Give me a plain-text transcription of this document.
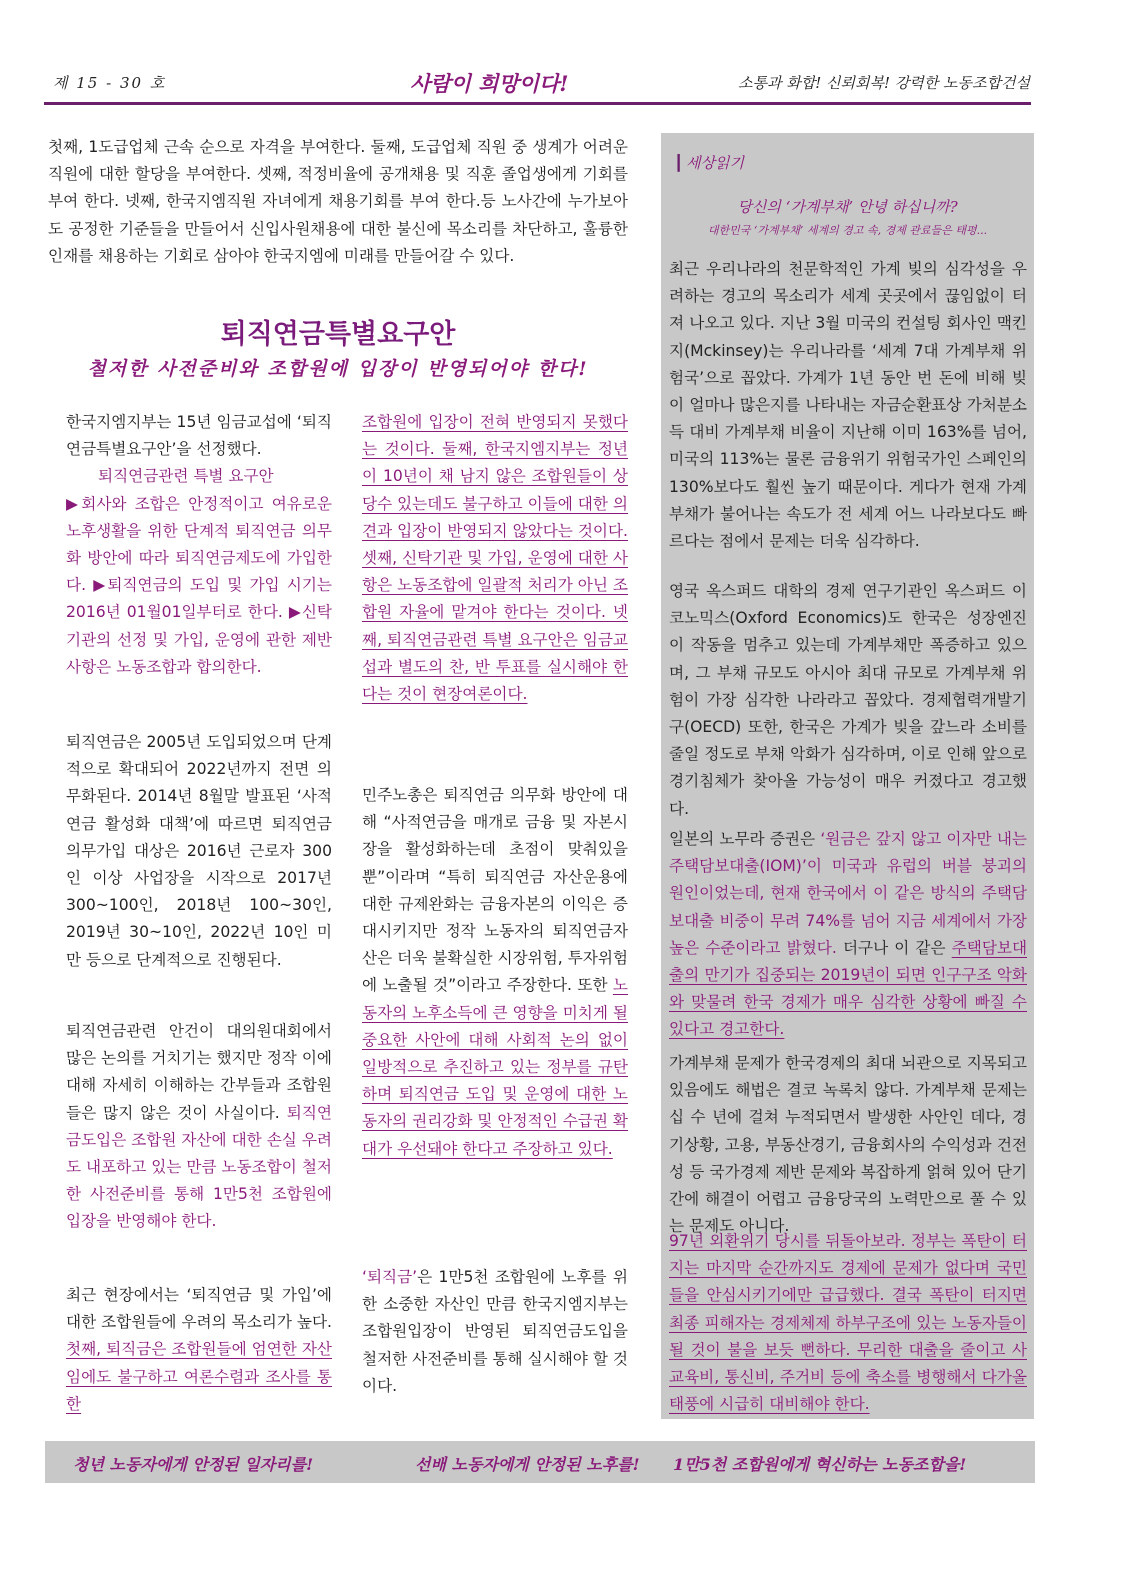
제 15 - 30 호	사람이 희망이다!	소통과 화합! 신뢰회복! 강력한 노동조합건설

첫째, 1도급업체 근속 순으로 자격을 부여한다. 둘째, 도급업체 직원 중 생계가 어려운 직원에 대한 할당을 부여한다. 셋째, 적정비율에 공개채용 및 직훈 졸업생에게 기회를 부여 한다. 넷째, 한국지엠직원 자녀에게 채용기회를 부여 한다.등 노사간에 누가보아도 공정한 기준들을 만들어서 신입사원채용에 대한 불신에 목소리를 차단하고, 훌륭한 인재를 채용하는 기회로 삼아야 한국지엠에 미래를 만들어갈 수 있다.

퇴직연금특별요구안
철저한 사전준비와 조합원에 입장이 반영되어야 한다!

한국지엠지부는 15년 임금교섭에 ‘퇴직연금특별요구안’을 선정했다.
퇴직연금관련 특별 요구안
▶회사와 조합은 안정적이고 여유로운 노후생활을 위한 단계적 퇴직연금 의무화 방안에 따라 퇴직연금제도에 가입한다. ▶퇴직연금의 도입 및 가입 시기는 2016년 01월01일부터로 한다. ▶신탁기관의 선정 및 가입, 운영에 관한 제반사항은 노동조합과 합의한다.

퇴직연금은 2005년 도입되었으며 단계적으로 확대되어 2022년까지 전면 의무화된다. 2014년 8월말 발표된 ‘사적연금 활성화 대책’에 따르면 퇴직연금 의무가입 대상은 2016년 근로자 300인 이상 사업장을 시작으로 2017년 300~100인, 2018년 100~30인, 2019년 30~10인, 2022년 10인 미만 등으로 단계적으로 진행된다.

퇴직연금관련 안건이 대의원대회에서 많은 논의를 거치기는 했지만 정작 이에 대해 자세히 이해하는 간부들과 조합원들은 많지 않은 것이 사실이다. 퇴직연금도입은 조합원 자산에 대한 손실 우려도 내포하고 있는 만큼 노동조합이 철저한 사전준비를 통해 1만5천 조합원에 입장을 반영해야 한다.

최근 현장에서는 ‘퇴직연금 및 가입’에 대한 조합원들에 우려의 목소리가 높다. 첫째, 퇴직금은 조합원들에 엄연한 자산임에도 불구하고 여론수렴과 조사를 통한

조합원에 입장이 전혀 반영되지 못했다는 것이다. 둘째, 한국지엠지부는 정년이 10년이 채 남지 않은 조합원들이 상당수 있는데도 불구하고 이들에 대한 의견과 입장이 반영되지 않았다는 것이다. 셋째, 신탁기관 및 가입, 운영에 대한 사항은 노동조합에 일괄적 처리가 아닌 조합원 자율에 맡겨야 한다는 것이다. 넷째, 퇴직연금관련 특별 요구안은 임금교섭과 별도의 찬, 반 투표를 실시해야 한다는 것이 현장여론이다.

민주노총은 퇴직연금 의무화 방안에 대해 “사적연금을 매개로 금융 및 자본시장을 활성화하는데 초점이 맞춰있을 뿐”이라며 “특히 퇴직연금 자산운용에 대한 규제완화는 금융자본의 이익은 증대시키지만 정작 노동자의 퇴직연금자산은 더욱 불확실한 시장위험, 투자위험에 노출될 것”이라고 주장한다. 또한 노동자의 노후소득에 큰 영향을 미치게 될 중요한 사안에 대해 사회적 논의 없이 일방적으로 추진하고 있는 정부를 규탄하며 퇴직연금 도입 및 운영에 대한 노동자의 권리강화 및 안정적인 수급권 확대가 우선돼야 한다고 주장하고 있다.

‘퇴직금’은 1만5천 조합원에 노후를 위한 소중한 자산인 만큼 한국지엠지부는 조합원입장이 반영된 퇴직연금도입을 철저한 사전준비를 통해 실시해야 할 것이다.

┃ 세상읽기
당신의 ‘가계부채’ 안녕 하십니까?
대한민국 ‘가계부채’ 세계의 경고 속, 경제 관료들은 태평...

최근 우리나라의 천문학적인 가계 빚의 심각성을 우려하는 경고의 목소리가 세계 곳곳에서 끊임없이 터져 나오고 있다. 지난 3월 미국의 컨설팅 회사인 맥킨지(Mckinsey)는 우리나라를 ‘세계 7대 가계부채 위험국’으로 꼽았다. 가계가 1년 동안 번 돈에 비해 빚이 얼마나 많은지를 나타내는 자금순환표상 가처분소득 대비 가계부채 비율이 지난해 이미 163%를 넘어, 미국의 113%는 물론 금융위기 위험국가인 스페인의 130%보다도 훨씬 높기 때문이다. 게다가 현재 가계부채가 불어나는 속도가 전 세계 어느 나라보다도 빠르다는 점에서 문제는 더욱 심각하다.

영국 옥스퍼드 대학의 경제 연구기관인 옥스퍼드 이코노믹스(Oxford Economics)도 한국은 성장엔진이 작동을 멈추고 있는데 가계부채만 폭증하고 있으며, 그 부채 규모도 아시아 최대 규모로 가계부채 위험이 가장 심각한 나라라고 꼽았다. 경제협력개발기구(OECD) 또한, 한국은 가계가 빚을 갚느라 소비를 줄일 정도로 부채 악화가 심각하며, 이로 인해 앞으로 경기침체가 찾아올 가능성이 매우 커졌다고 경고했다.

일본의 노무라 증권은 ‘원금은 갚지 않고 이자만 내는 주택담보대출(IOM)’이 미국과 유럽의 버블 붕괴의 원인이었는데, 현재 한국에서 이 같은 방식의 주택담보대출 비중이 무려 74%를 넘어 지금 세계에서 가장 높은 수준이라고 밝혔다. 더구나 이 같은 주택담보대출의 만기가 집중되는 2019년이 되면 인구구조 악화와 맞물려 한국 경제가 매우 심각한 상황에 빠질 수 있다고 경고한다.

가계부채 문제가 한국경제의 최대 뇌관으로 지목되고 있음에도 해법은 결코 녹록치 않다. 가계부채 문제는 십 수 년에 걸쳐 누적되면서 발생한 사안인 데다, 경기상황, 고용, 부동산경기, 금융회사의 수익성과 건전성 등 국가경제 제반 문제와 복잡하게 얽혀 있어 단기간에 해결이 어렵고 금융당국의 노력만으로 풀 수 있는 문제도 아니다.

97년 외환위기 당시를 뒤돌아보라. 정부는 폭탄이 터지는 마지막 순간까지도 경제에 문제가 없다며 국민들을 안심시키기에만 급급했다. 결국 폭탄이 터지면 최종 피해자는 경제체제 하부구조에 있는 노동자들이 될 것이 불을 보듯 뻔하다. 무리한 대출을 줄이고 사교육비, 통신비, 주거비 등에 축소를 병행해서 다가올 태풍에 시급히 대비해야 한다.

청년 노동자에게 안정된 일자리를!	선배 노동자에게 안정된 노후를! 1만5천 조합원에게 혁신하는 노동조합을!
